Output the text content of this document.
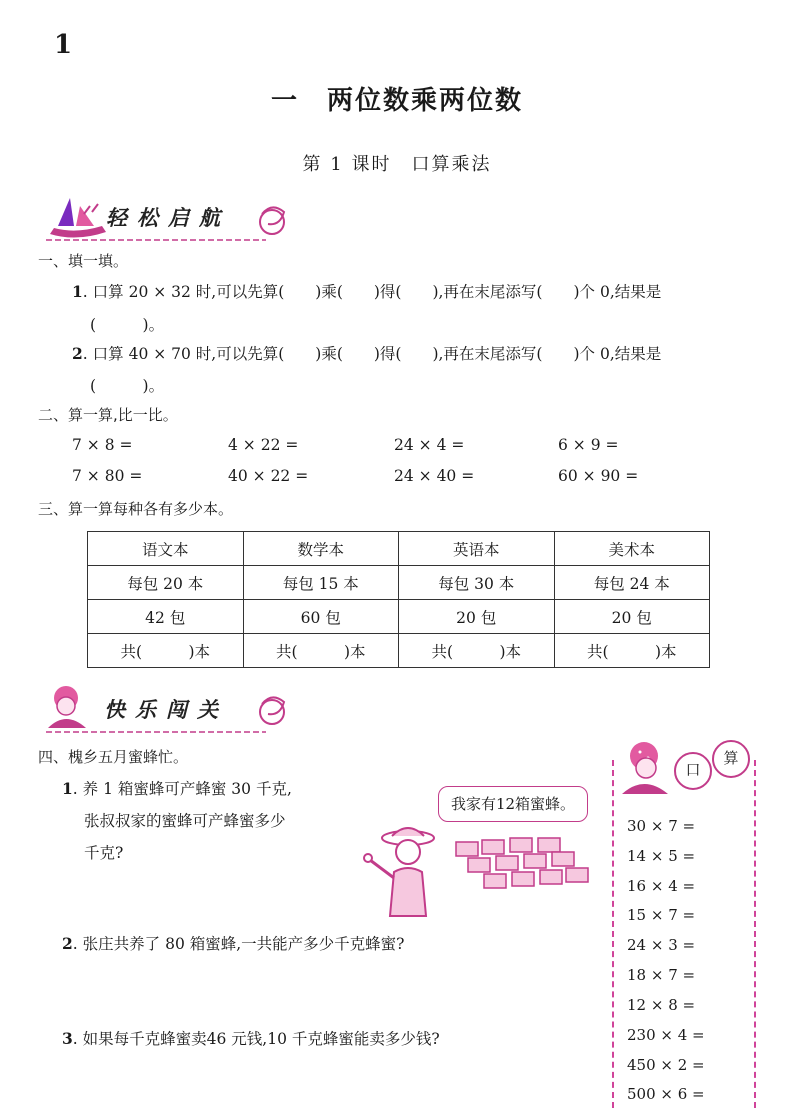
1
一　两位数乘两位数
第 1 课时　口算乘法
轻松启航
一、填一填。
1. 口算 20 × 32 时,可以先算(　　)乘(　　)得(　　),再在末尾添写(　　)个 0,结果是
(　　　)。
2. 口算 40 × 70 时,可以先算(　　)乘(　　)得(　　),再在末尾添写(　　)个 0,结果是
(　　　)。
二、算一算,比一比。
7 × 8 =	4 × 22 =	24 × 4 =	6 × 9 =
7 × 80 =	40 × 22 =	24 × 40 =	60 × 90 =
三、算一算每种各有多少本。
语文本	数学本	英语本	美术本
每包 20 本	每包 15 本	每包 30 本	每包 24 本
42 包	60 包	20 包	20 包
共(　　　)本	共(　　　)本	共(　　　)本	共(　　　)本
快乐闯关
四、槐乡五月蜜蜂忙。
1. 养 1 箱蜜蜂可产蜂蜜 30 千克,
张叔叔家的蜜蜂可产蜂蜜多少
千克?
我家有12箱蜜蜂。
2. 张庄共养了 80 箱蜜蜂,一共能产多少千克蜂蜜?
3. 如果每千克蜂蜜卖46 元钱,10 千克蜂蜜能卖多少钱?
口
算
30 × 7 =
14 × 5 =
16 × 4 =
15 × 7 =
24 × 3 =
18 × 7 =
12 × 8 =
230 × 4 =
450 × 2 =
500 × 6 =
